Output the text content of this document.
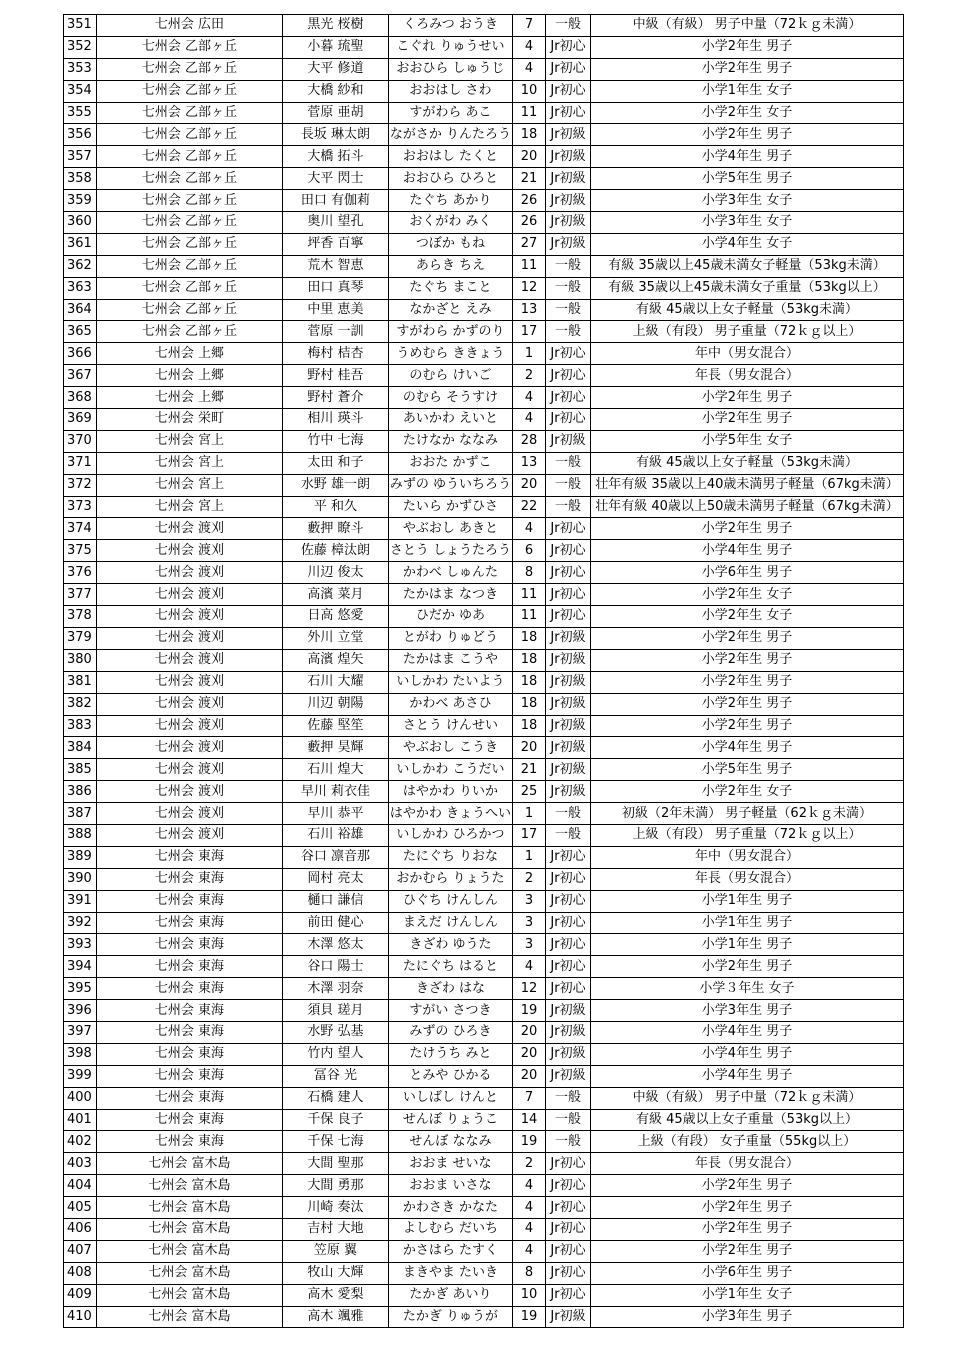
351	七州会 広田	黒光 桜樹	くろみつ おうき	7	一般	中級（有級） 男子中量（72ｋｇ未満）
352	七州会 乙部ヶ丘	小暮 琉聖	こぐれ りゅうせい	4	Jr初心	小学2年生 男子
353	七州会 乙部ヶ丘	大平 修道	おおひら しゅうじ	4	Jr初心	小学2年生 男子
354	七州会 乙部ヶ丘	大橋 紗和	おおはし さわ	10	Jr初心	小学1年生 女子
355	七州会 乙部ヶ丘	菅原 亜胡	すがわら あこ	11	Jr初心	小学2年生 女子
356	七州会 乙部ヶ丘	長坂 琳太朗	ながさか りんたろう	18	Jr初級	小学2年生 男子
357	七州会 乙部ヶ丘	大橋 拓斗	おおはし たくと	20	Jr初級	小学4年生 男子
358	七州会 乙部ヶ丘	大平 閃士	おおひら ひろと	21	Jr初級	小学5年生 男子
359	七州会 乙部ヶ丘	田口 有伽莉	たぐち あかり	26	Jr初級	小学3年生 女子
360	七州会 乙部ヶ丘	奥川 望孔	おくがわ みく	26	Jr初級	小学3年生 女子
361	七州会 乙部ヶ丘	坪香 百寧	つぼか もね	27	Jr初級	小学4年生 女子
362	七州会 乙部ヶ丘	荒木 智恵	あらき ちえ	11	一般	有級 35歳以上45歳未満女子軽量（53kg未満）
363	七州会 乙部ヶ丘	田口 真琴	たぐち まこと	12	一般	有級 35歳以上45歳未満女子重量（53kg以上）
364	七州会 乙部ヶ丘	中里 恵美	なかざと えみ	13	一般	有級 45歳以上女子軽量（53kg未満）
365	七州会 乙部ヶ丘	菅原 一訓	すがわら かずのり	17	一般	上級（有段） 男子重量（72ｋｇ以上）
366	七州会 上郷	梅村 桔杏	うめむら ききょう	1	Jr初心	年中（男女混合）
367	七州会 上郷	野村 桂吾	のむら けいご	2	Jr初心	年長（男女混合）
368	七州会 上郷	野村 蒼介	のむら そうすけ	4	Jr初心	小学2年生 男子
369	七州会 栄町	相川 瑛斗	あいかわ えいと	4	Jr初心	小学2年生 男子
370	七州会 宮上	竹中 七海	たけなか ななみ	28	Jr初級	小学5年生 女子
371	七州会 宮上	太田 和子	おおた かずこ	13	一般	有級 45歳以上女子軽量（53kg未満）
372	七州会 宮上	水野 雄一朗	みずの ゆういちろう	20	一般	壮年有級 35歳以上40歳未満男子軽量（67kg未満）
373	七州会 宮上	平 和久	たいら かずひさ	22	一般	壮年有級 40歳以上50歳未満男子軽量（67kg未満）
374	七州会 渡刈	藪押 瞭斗	やぶおし あきと	4	Jr初心	小学2年生 男子
375	七州会 渡刈	佐藤 樟汰朗	さとう しょうたろう	6	Jr初心	小学4年生 男子
376	七州会 渡刈	川辺 俊太	かわべ しゅんた	8	Jr初心	小学6年生 男子
377	七州会 渡刈	高濱 菜月	たかはま なつき	11	Jr初心	小学2年生 女子
378	七州会 渡刈	日高 悠愛	ひだか ゆあ	11	Jr初心	小学2年生 女子
379	七州会 渡刈	外川 立堂	とがわ りゅどう	18	Jr初級	小学2年生 男子
380	七州会 渡刈	高濱 煌矢	たかはま こうや	18	Jr初級	小学2年生 男子
381	七州会 渡刈	石川 大耀	いしかわ たいよう	18	Jr初級	小学2年生 男子
382	七州会 渡刈	川辺 朝陽	かわべ あさひ	18	Jr初級	小学2年生 男子
383	七州会 渡刈	佐藤 堅笙	さとう けんせい	18	Jr初級	小学2年生 男子
384	七州会 渡刈	藪押 昊輝	やぶおし こうき	20	Jr初級	小学4年生 男子
385	七州会 渡刈	石川 煌大	いしかわ こうだい	21	Jr初級	小学5年生 男子
386	七州会 渡刈	早川 莉衣佳	はやかわ りいか	25	Jr初級	小学2年生 女子
387	七州会 渡刈	早川 恭平	はやかわ きょうへい	1	一般	初級（2年未満） 男子軽量（62ｋｇ未満）
388	七州会 渡刈	石川 裕雄	いしかわ ひろかつ	17	一般	上級（有段） 男子重量（72ｋｇ以上）
389	七州会 東海	谷口 凛音那	たにぐち りおな	1	Jr初心	年中（男女混合）
390	七州会 東海	岡村 亮太	おかむら りょうた	2	Jr初心	年長（男女混合）
391	七州会 東海	樋口 謙信	ひぐち けんしん	3	Jr初心	小学1年生 男子
392	七州会 東海	前田 健心	まえだ けんしん	3	Jr初心	小学1年生 男子
393	七州会 東海	木澤 悠太	きざわ ゆうた	3	Jr初心	小学1年生 男子
394	七州会 東海	谷口 陽士	たにぐち はると	4	Jr初心	小学2年生 男子
395	七州会 東海	木澤 羽奈	きざわ はな	12	Jr初心	小学３年生 女子
396	七州会 東海	須貝 瑳月	すがい さつき	19	Jr初級	小学3年生 男子
397	七州会 東海	水野 弘基	みずの ひろき	20	Jr初級	小学4年生 男子
398	七州会 東海	竹内 望人	たけうち みと	20	Jr初級	小学4年生 男子
399	七州会 東海	冨谷 光	とみや ひかる	20	Jr初級	小学4年生 男子
400	七州会 東海	石橋 建人	いしばし けんと	7	一般	中級（有級） 男子中量（72ｋｇ未満）
401	七州会 東海	千保 良子	せんぼ りょうこ	14	一般	有級 45歳以上女子重量（53kg以上）
402	七州会 東海	千保 七海	せんぼ ななみ	19	一般	上級（有段） 女子重量（55kg以上）
403	七州会 富木島	大間 聖那	おおま せいな	2	Jr初心	年長（男女混合）
404	七州会 富木島	大間 勇那	おおま いさな	4	Jr初心	小学2年生 男子
405	七州会 富木島	川崎 奏汰	かわさき かなた	4	Jr初心	小学2年生 男子
406	七州会 富木島	吉村 大地	よしむら だいち	4	Jr初心	小学2年生 男子
407	七州会 富木島	笠原 翼	かさはら たすく	4	Jr初心	小学2年生 男子
408	七州会 富木島	牧山 大輝	まきやま たいき	8	Jr初心	小学6年生 男子
409	七州会 富木島	高木 愛梨	たかぎ あいり	10	Jr初心	小学1年生 女子
410	七州会 富木島	高木 颯雅	たかぎ りゅうが	19	Jr初級	小学3年生 男子
